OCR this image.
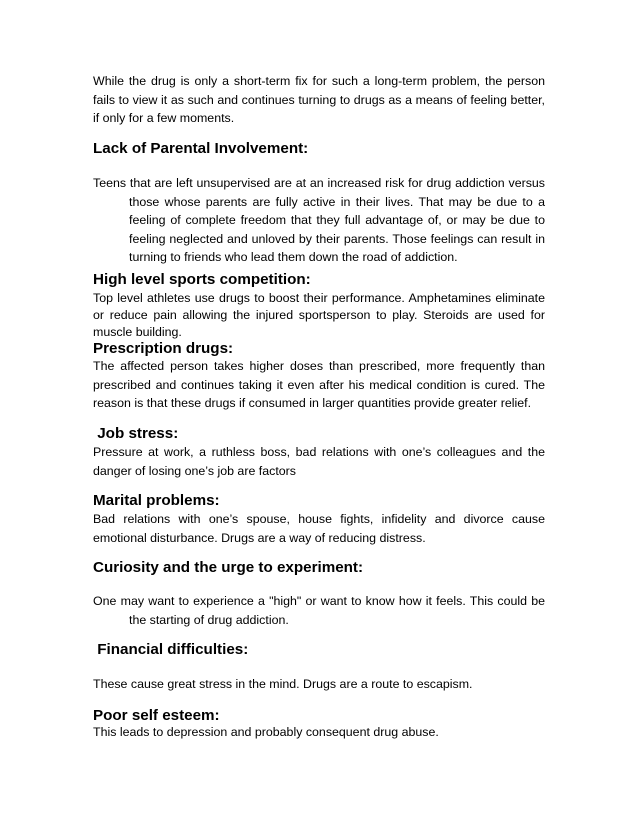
While the drug is only a short-term fix for such a long-term problem, the person fails to view it as such and continues turning to drugs as a means of feeling better, if only for a few moments.

Lack of Parental Involvement:

Teens that are left unsupervised are at an increased risk for drug addiction versus those whose parents are fully active in their lives. That may be due to a feeling of complete freedom that they full advantage of, or may be due to feeling neglected and unloved by their parents. Those feelings can result in turning to friends who lead them down the road of addiction.

High level sports competition:

Top level athletes use drugs to boost their performance. Amphetamines eliminate or reduce pain allowing the injured sportsperson to play. Steroids are used for muscle building.

Prescription drugs:

The affected person takes higher doses than prescribed, more frequently than prescribed and continues taking it even after his medical condition is cured. The reason is that these drugs if consumed in larger quantities provide greater relief.

Job stress:

Pressure at work, a ruthless boss, bad relations with one’s colleagues and the danger of losing one’s job are factors

Marital problems:

Bad relations with one’s spouse, house fights, infidelity and divorce cause emotional disturbance. Drugs are a way of reducing distress.

Curiosity and the urge to experiment:

One may want to experience a "high" or want to know how it feels. This could be the starting of drug addiction.

Financial difficulties:

These cause great stress in the mind. Drugs are a route to escapism.

Poor self esteem:

This leads to depression and probably consequent drug abuse.
